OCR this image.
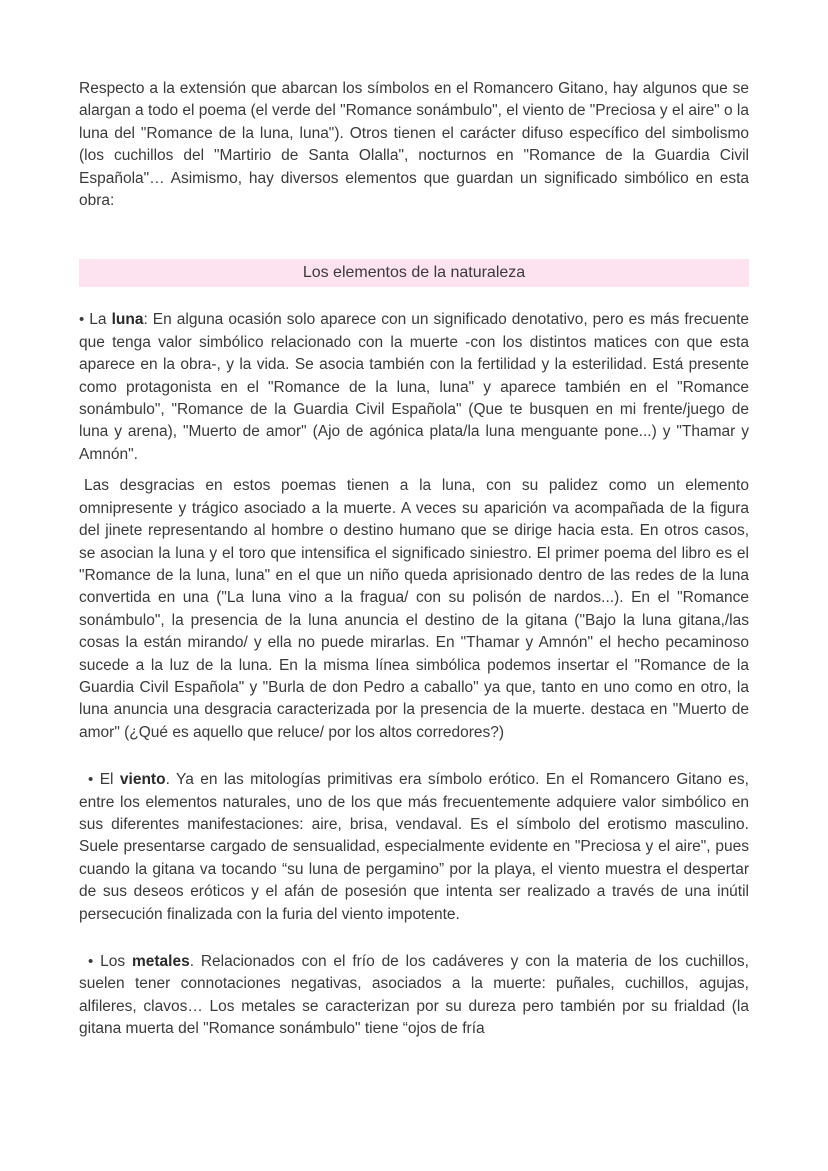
Respecto a la extensión que abarcan los símbolos en el Romancero Gitano, hay algunos que se alargan a todo el poema (el verde del "Romance sonámbulo", el viento de "Preciosa y el aire" o la luna del "Romance de la luna, luna"). Otros tienen el carácter difuso específico del simbolismo (los cuchillos del "Martirio de Santa Olalla", nocturnos en "Romance de la Guardia Civil Española"… Asimismo, hay diversos elementos que guardan un significado simbólico en esta obra:

Los elementos de la naturaleza

• La luna: En alguna ocasión solo aparece con un significado denotativo, pero es más frecuente que tenga valor simbólico relacionado con la muerte -con los distintos matices con que esta aparece en la obra-, y la vida. Se asocia también con la fertilidad y la esterilidad. Está presente como protagonista en el "Romance de la luna, luna" y aparece también en el "Romance sonámbulo", "Romance de la Guardia Civil Española" (Que te busquen en mi frente/juego de luna y arena), "Muerto de amor" (Ajo de agónica plata/la luna menguante pone...) y "Thamar y Amnón".

Las desgracias en estos poemas tienen a la luna, con su palidez como un elemento omnipresente y trágico asociado a la muerte. A veces su aparición va acompañada de la figura del jinete representando al hombre o destino humano que se dirige hacia esta. En otros casos, se asocian la luna y el toro que intensifica el significado siniestro. El primer poema del libro es el "Romance de la luna, luna" en el que un niño queda aprisionado dentro de las redes de la luna convertida en una ("La luna vino a la fragua/ con su polisón de nardos...). En el "Romance sonámbulo", la presencia de la luna anuncia el destino de la gitana ("Bajo la luna gitana,/las cosas la están mirando/ y ella no puede mirarlas. En "Thamar y Amnón" el hecho pecaminoso sucede a la luz de la luna. En la misma línea simbólica podemos insertar el "Romance de la Guardia Civil Española" y "Burla de don Pedro a caballo" ya que, tanto en uno como en otro, la luna anuncia una desgracia caracterizada por la presencia de la muerte. destaca en "Muerto de amor" (¿Qué es aquello que reluce/ por los altos corredores?)

• El viento. Ya en las mitologías primitivas era símbolo erótico. En el Romancero Gitano es, entre los elementos naturales, uno de los que más frecuentemente adquiere valor simbólico en sus diferentes manifestaciones: aire, brisa, vendaval. Es el símbolo del erotismo masculino. Suele presentarse cargado de sensualidad, especialmente evidente en "Preciosa y el aire", pues cuando la gitana va tocando “su luna de pergamino” por la playa, el viento muestra el despertar de sus deseos eróticos y el afán de posesión que intenta ser realizado a través de una inútil persecución finalizada con la furia del viento impotente.

• Los metales. Relacionados con el frío de los cadáveres y con la materia de los cuchillos, suelen tener connotaciones negativas, asociados a la muerte: puñales, cuchillos, agujas, alfileres, clavos… Los metales se caracterizan por su dureza pero también por su frialdad (la gitana muerta del "Romance sonámbulo" tiene “ojos de fría
